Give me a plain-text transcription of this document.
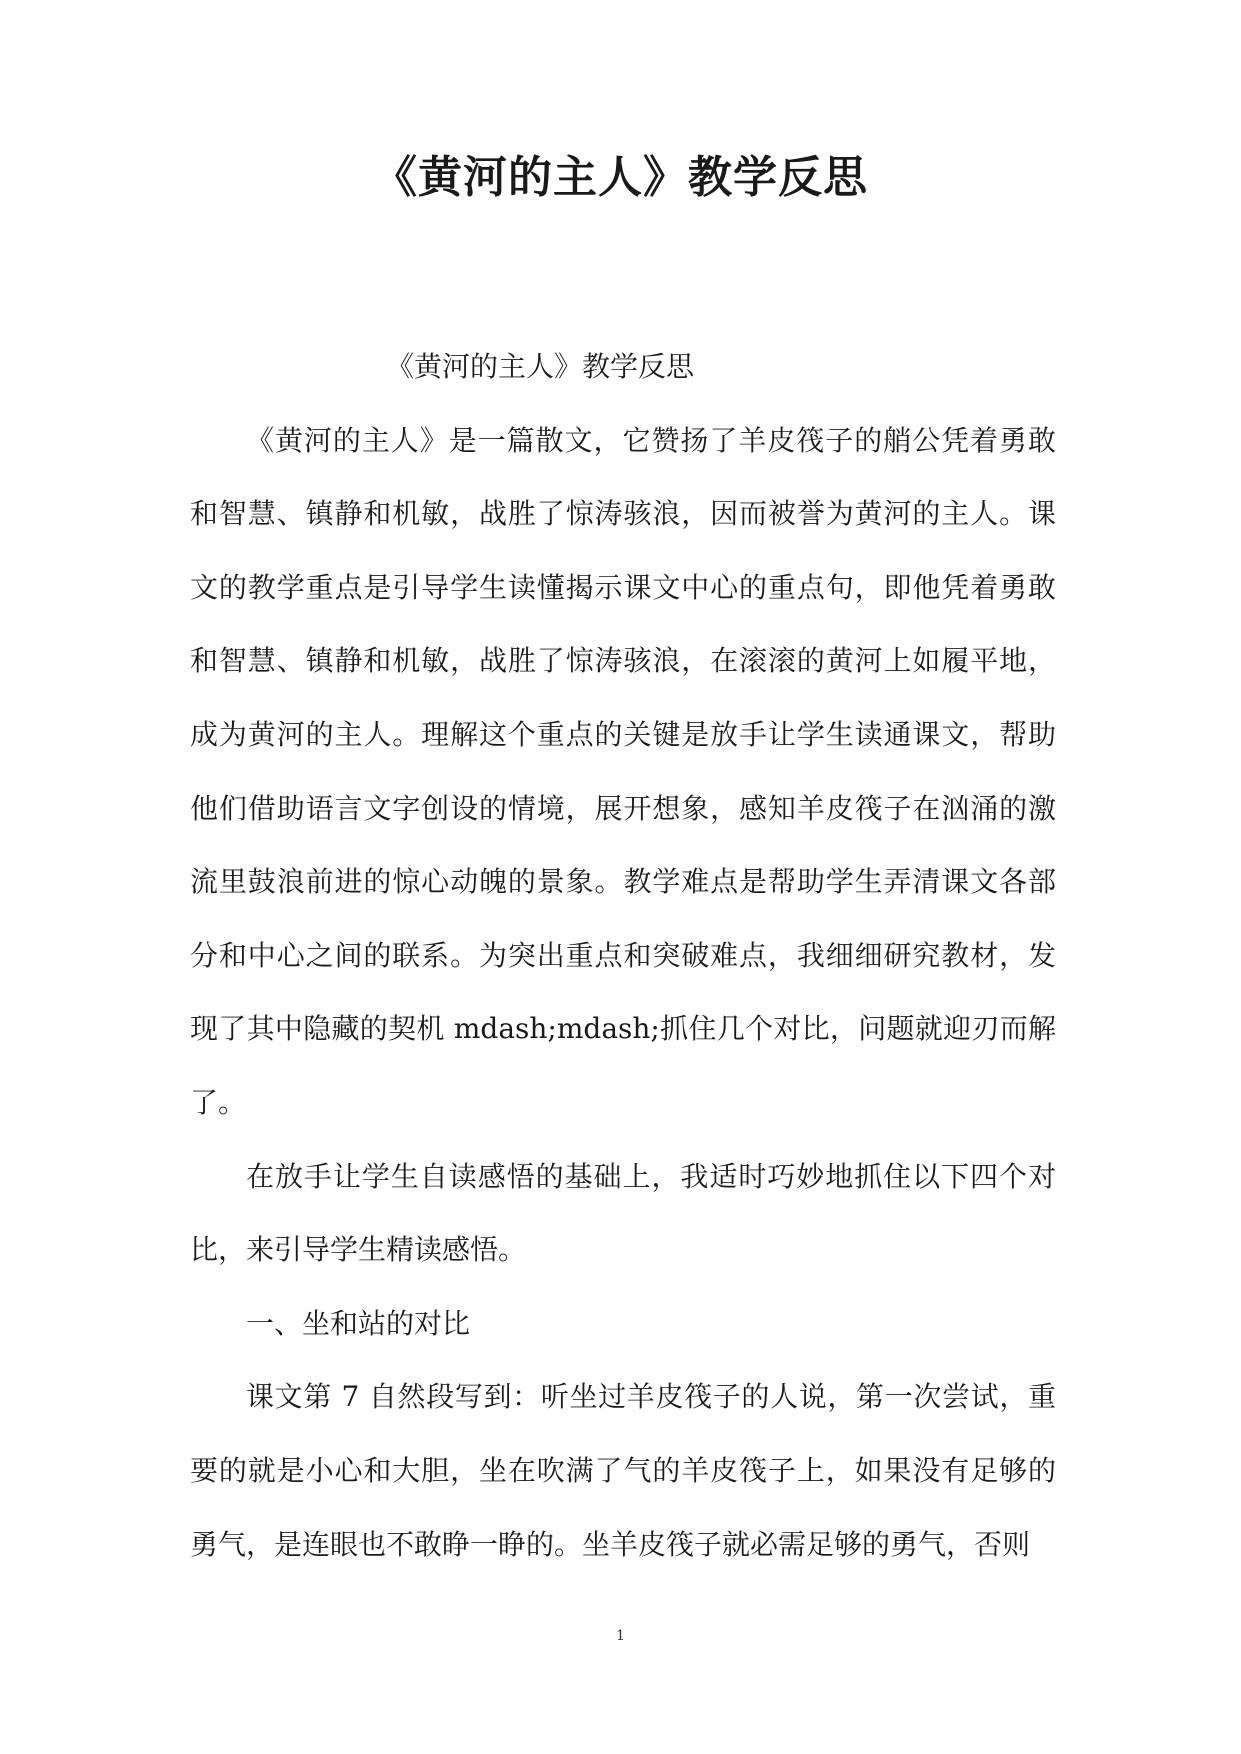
《黄河的主人》教学反思

《黄河的主人》教学反思

《黄河的主人》是一篇散文，它赞扬了羊皮筏子的艄公凭着勇敢和智慧、镇静和机敏，战胜了惊涛骇浪，因而被誉为黄河的主人。课文的教学重点是引导学生读懂揭示课文中心的重点句，即他凭着勇敢和智慧、镇静和机敏，战胜了惊涛骇浪，在滚滚的黄河上如履平地，成为黄河的主人。理解这个重点的关键是放手让学生读通课文，帮助他们借助语言文字创设的情境，展开想象，感知羊皮筏子在汹涌的激流里鼓浪前进的惊心动魄的景象。教学难点是帮助学生弄清课文各部分和中心之间的联系。为突出重点和突破难点，我细细研究教材，发现了其中隐藏的契机 mdash;mdash;抓住几个对比，问题就迎刃而解了。

在放手让学生自读感悟的基础上，我适时巧妙地抓住以下四个对比，来引导学生精读感悟。

一、坐和站的对比

课文第 7 自然段写到：听坐过羊皮筏子的人说，第一次尝试，重要的就是小心和大胆，坐在吹满了气的羊皮筏子上，如果没有足够的勇气，是连眼也不敢睁一睁的。坐羊皮筏子就必需足够的勇气，否则

1
